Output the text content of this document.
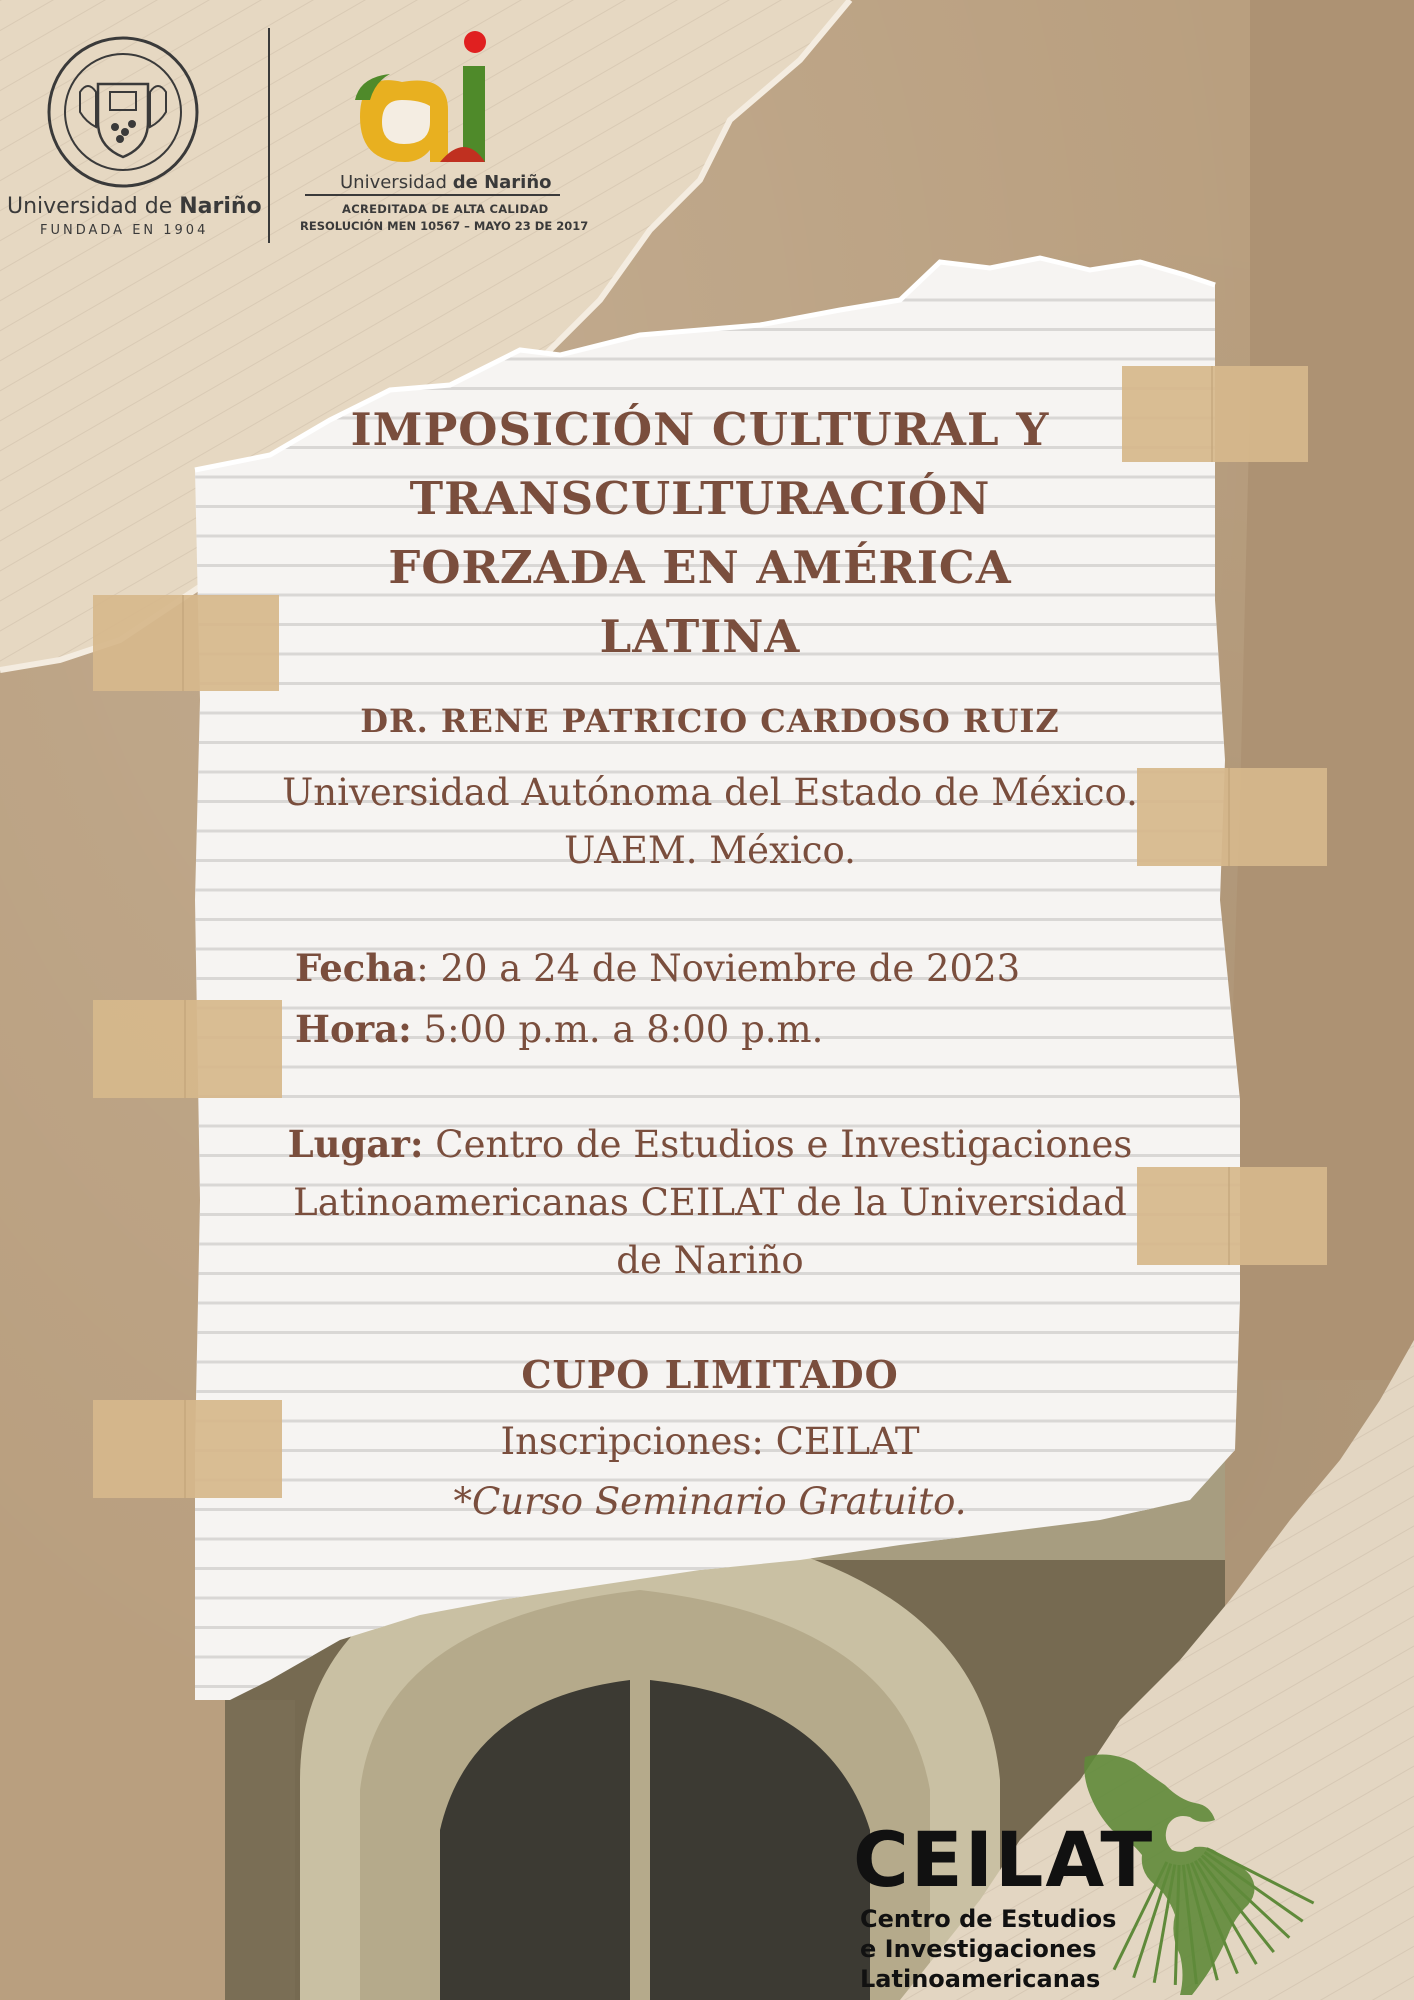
Universidad de Nariño
FUNDADA EN 1904
Universidad de Nariño
ACREDITADA DE ALTA CALIDAD
RESOLUCIÓN MEN 10567 – MAYO 23 DE 2017
IMPOSICIÓN CULTURAL Y
TRANSCULTURACIÓN
FORZADA EN AMÉRICA
LATINA
DR. RENE PATRICIO CARDOSO RUIZ
Universidad Autónoma del Estado de México.
UAEM. México.
Fecha: 20 a 24 de Noviembre de 2023
Hora: 5:00 p.m. a 8:00 p.m.
Lugar: Centro de Estudios e Investigaciones Latinoamericanas CEILAT de la Universidad de Nariño
CUPO LIMITADO
Inscripciones: CEILAT
*Curso Seminario Gratuito.
CEILAT
Centro de Estudios
e Investigaciones
Latinoamericanas
